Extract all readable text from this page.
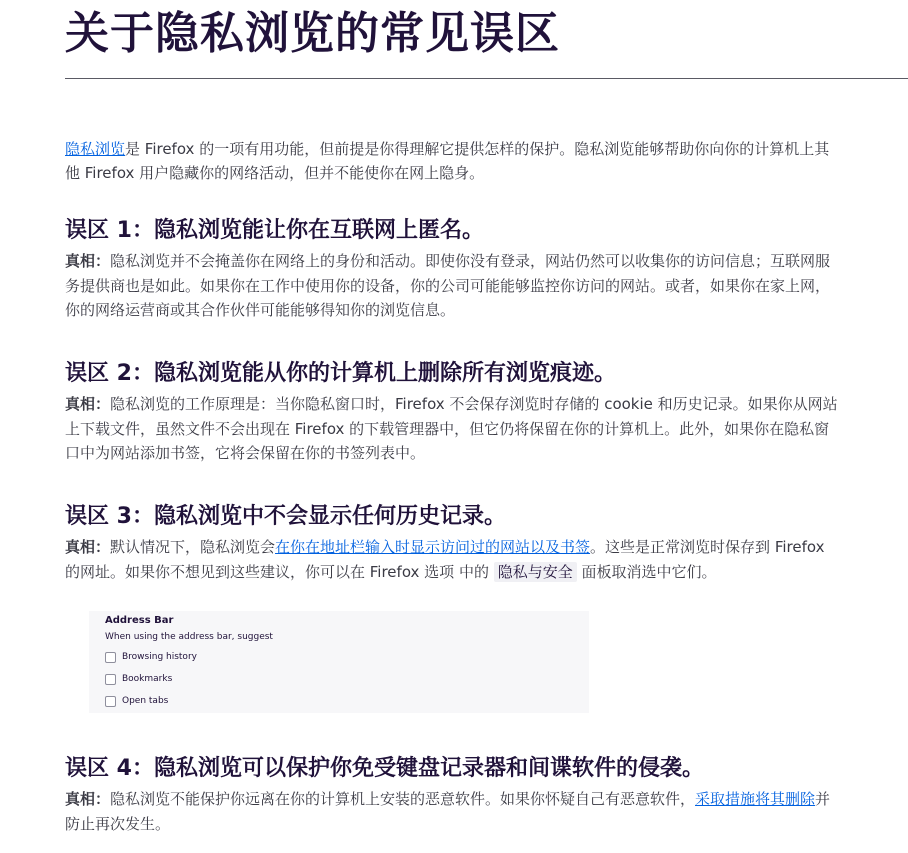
关于隐私浏览的常见误区
隐私浏览是 Firefox 的一项有用功能，但前提是你得理解它提供怎样的保护。隐私浏览能够帮助你向你的计算机上其他 Firefox 用户隐藏你的网络活动，但并不能使你在网上隐身。
误区 1：隐私浏览能让你在互联网上匿名。
真相：隐私浏览并不会掩盖你在网络上的身份和活动。即使你没有登录，网站仍然可以收集你的访问信息；互联网服务提供商也是如此。如果你在工作中使用你的设备，你的公司可能能够监控你访问的网站。或者，如果你在家上网，你的网络运营商或其合作伙伴可能能够得知你的浏览信息。
误区 2：隐私浏览能从你的计算机上删除所有浏览痕迹。
真相：隐私浏览的工作原理是：当你隐私窗口时，Firefox 不会保存浏览时存储的 cookie 和历史记录。如果你从网站上下载文件，虽然文件不会出现在 Firefox 的下载管理器中，但它仍将保留在你的计算机上。此外，如果你在隐私窗口中为网站添加书签，它将会保留在你的书签列表中。
误区 3：隐私浏览中不会显示任何历史记录。
真相：默认情况下，隐私浏览会在你在地址栏输入时显示访问过的网站以及书签。这些是正常浏览时保存到 Firefox 的网址。如果你不想见到这些建议，你可以在 Firefox 选项 中的 隐私与安全 面板取消选中它们。
Address Bar
When using the address bar, suggest
Browsing history
Bookmarks
Open tabs
误区 4：隐私浏览可以保护你免受键盘记录器和间谍软件的侵袭。
真相：隐私浏览不能保护你远离在你的计算机上安装的恶意软件。如果你怀疑自己有恶意软件，采取措施将其删除并防止再次发生。
